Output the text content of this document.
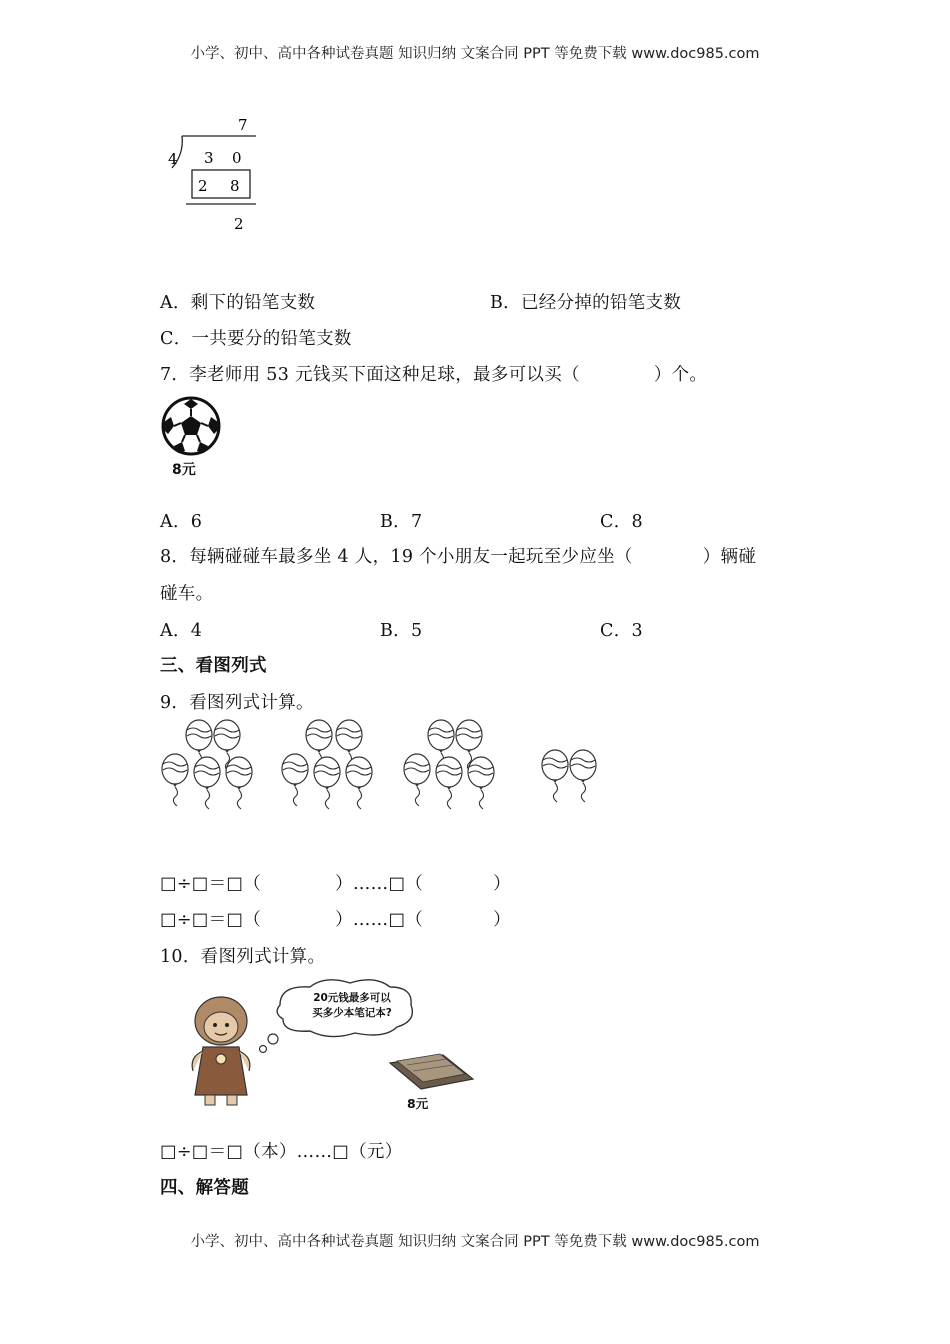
小学、初中、高中各种试卷真题 知识归纳 文案合同 PPT 等免费下载 www.doc985.com
7
4 3 0
2 8
2
A．剩下的铅笔支数	B．已经分掉的铅笔支数
C．一共要分的铅笔支数
7．李老师用 53 元钱买下面这种足球，最多可以买（	）个。
8元
A．6	B．7	C．8
8．每辆碰碰车最多坐 4 人，19 个小朋友一起玩至少应坐（	）辆碰
碰车。
A．4	B．5	C．3
三、看图列式
9．看图列式计算。
□÷□＝□（	）……□（	）
□÷□＝□（	）……□（	）
10．看图列式计算。
20元钱最多可以
买多少本笔记本?
8元
□÷□＝□（本）……□（元）
四、解答题
小学、初中、高中各种试卷真题 知识归纳 文案合同 PPT 等免费下载 www.doc985.com
